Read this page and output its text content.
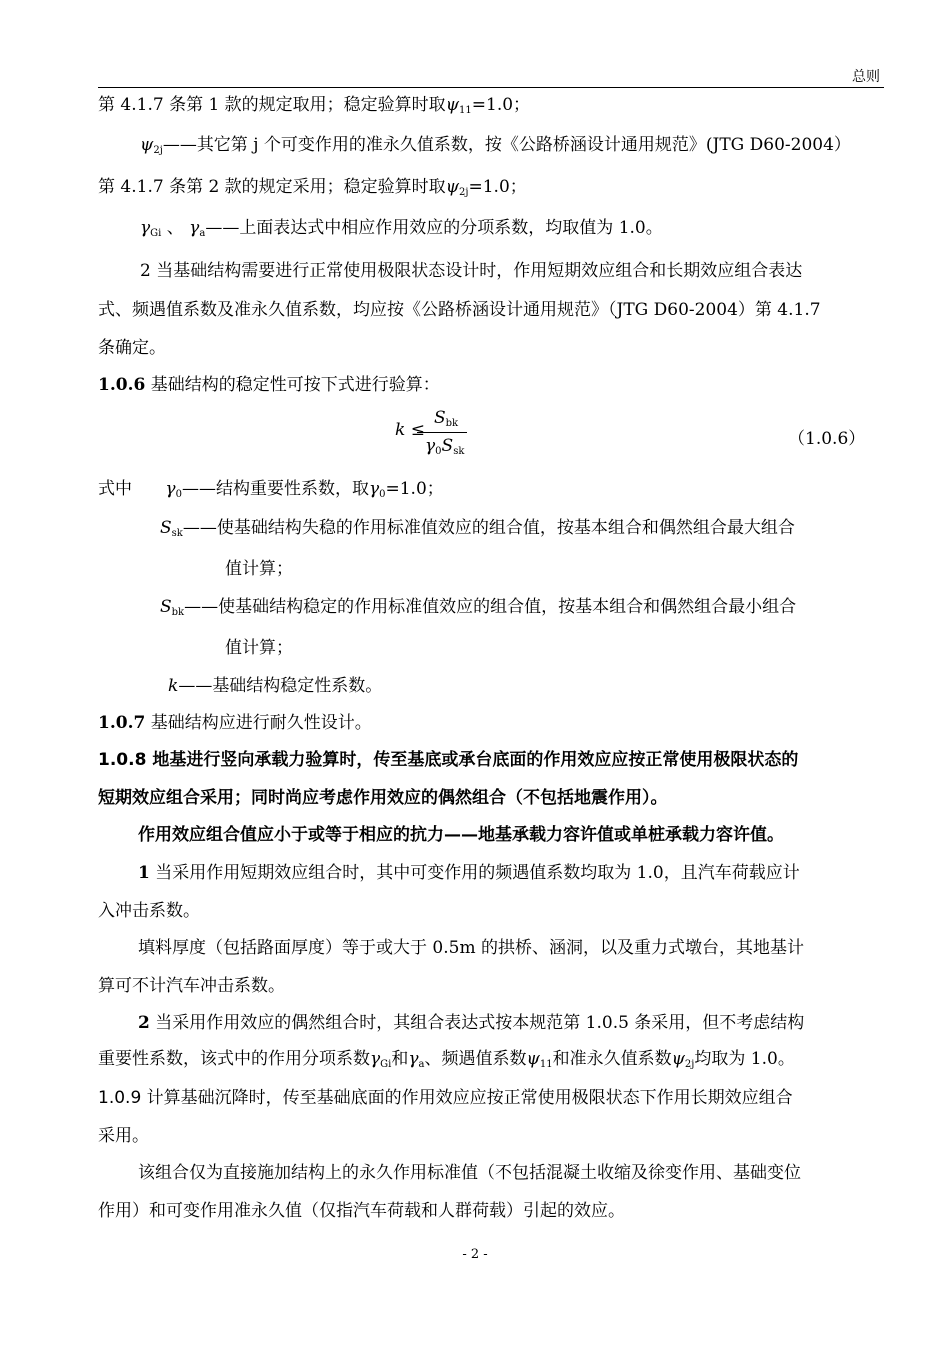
总则
第 4.1.7 条第 1 款的规定取用；稳定验算时取$\psi_{11}=1.0$；
$\psi_{2j}——$其它第 j 个可变作用的准永久值系数，按《公路桥涵设计通用规范》(JTG D60-2004）
第 4.1.7 条第 2 款的规定采用；稳定验算时取$\psi_{2j}=1.0$；
$\gamma_{Gi}$ 、 $\gamma_a——$上面表达式中相应作用效应的分项系数，均取值为 1.0。
2 当基础结构需要进行正常使用极限状态设计时，作用短期效应组合和长期效应组合表达
式、频遇值系数及准永久值系数，均应按《公路桥涵设计通用规范》（JTG D60-2004）第 4.1.7
条确定。
1.0.6 基础结构的稳定性可按下式进行验算：
k ≤
$S_{bk}$
$\gamma_0S_{sk}$
（1.0.6）
式中 $\gamma_0——$结构重要性系数，取$\gamma_0=1.0$；
$S_{sk}——$使基础结构失稳的作用标准值效应的组合值，按基本组合和偶然组合最大组合
值计算；
$S_{bk}——$使基础结构稳定的作用标准值效应的组合值，按基本组合和偶然组合最小组合
值计算；
k——基础结构稳定性系数。
1.0.7 基础结构应进行耐久性设计。
1.0.8 地基进行竖向承载力验算时，传至基底或承台底面的作用效应应按正常使用极限状态的
短期效应组合采用；同时尚应考虑作用效应的偶然组合（不包括地震作用）。
作用效应组合值应小于或等于相应的抗力——地基承载力容许值或单桩承载力容许值。
1 当采用作用短期效应组合时，其中可变作用的频遇值系数均取为 1.0，且汽车荷载应计
入冲击系数。
填料厚度（包括路面厚度）等于或大于 0.5m 的拱桥、涵洞，以及重力式墩台，其地基计
算可不计汽车冲击系数。
2 当采用作用效应的偶然组合时，其组合表达式按本规范第 1.0.5 条采用，但不考虑结构
重要性系数，该式中的作用分项系数$\gamma_{Gi}$和$\gamma_a$、频遇值系数$\psi_{11}$和准永久值系数$\psi_{2j}$均取为 1.0。
1.0.9 计算基础沉降时，传至基础底面的作用效应应按正常使用极限状态下作用长期效应组合
采用。
该组合仅为直接施加结构上的永久作用标准值（不包括混凝土收缩及徐变作用、基础变位
作用）和可变作用准永久值（仅指汽车荷载和人群荷载）引起的效应。
- 2 -
